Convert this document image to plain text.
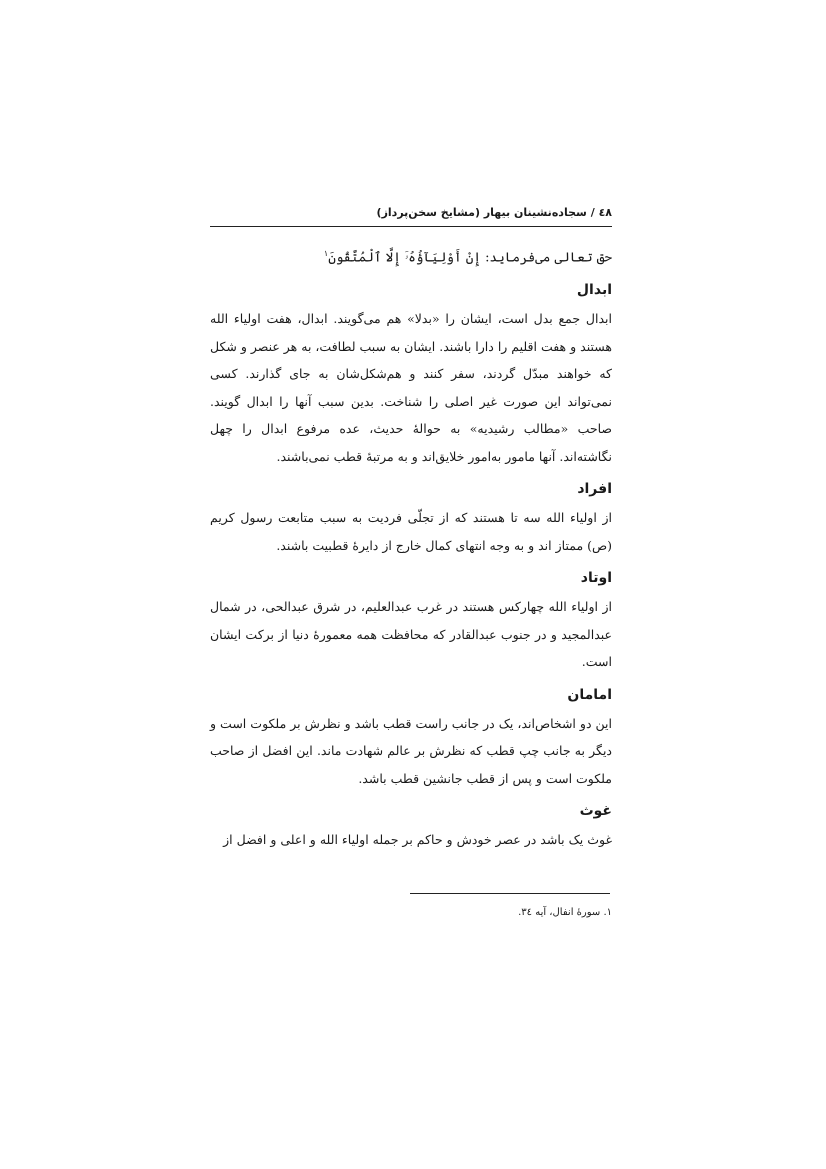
٤٨ / سجاده‌نشینان بیهار (مشایخ سخن‌پرداز)
حق تعالی می‌فرماید: إِنْ أَوْلِیَآؤُهُۥٓ إِلَّا ٱلْمُتَّقُونَ$^١$
ابدال

ابدال جمع بدل است، ایشان را «بدلا» هم می‌گویند. ابدال، هفت اولیاء الله هستند و هفت اقلیم را دارا باشند. ایشان به سبب لطافت، به هر عنصر و شکل که خواهند مبدّل گردند، سفر کنند و هم‌شکل‌شان به جای گذارند. کسی نمی‌تواند این صورت غیر اصلی را شناخت. بدین سبب آنها را ابدال گویند. صاحب «مطالب رشیدیه» به حوالهٔ حدیث، عده مرفوع ابدال را چهل نگاشته‌اند. آنها مامور به‌امور خلایق‌اند و به مرتبهٔ قطب نمی‌باشند.

افراد

از اولیاء الله سه تا هستند که از تجلّی فردیت به سبب متابعت رسول کریم (ص) ممتاز اند و به وجه انتهای کمال خارج از دایرهٔ قطبیت باشند.

اوتاد

از اولیاء الله چهارکس هستند در غرب عبدالعلیم، در شرق عبدالحی، در شمال عبدالمجید و در جنوب عبدالقادر که محافظت همه معمورهٔ دنیا از برکت ایشان است.

امامان

این دو اشخاص‌اند، یک در جانب راست قطب باشد و نظرش بر ملکوت است و دیگر به جانب چپ قطب که نظرش بر عالم شهادت ماند. این افضل از صاحب ملکوت است و پس از قطب جانشین قطب باشد.

غوث

غوث یک باشد در عصر خودش و حاکم بر جمله اولیاء الله و اعلی و افضل از

١. سورهٔ انفال، آیه ٣٤.
